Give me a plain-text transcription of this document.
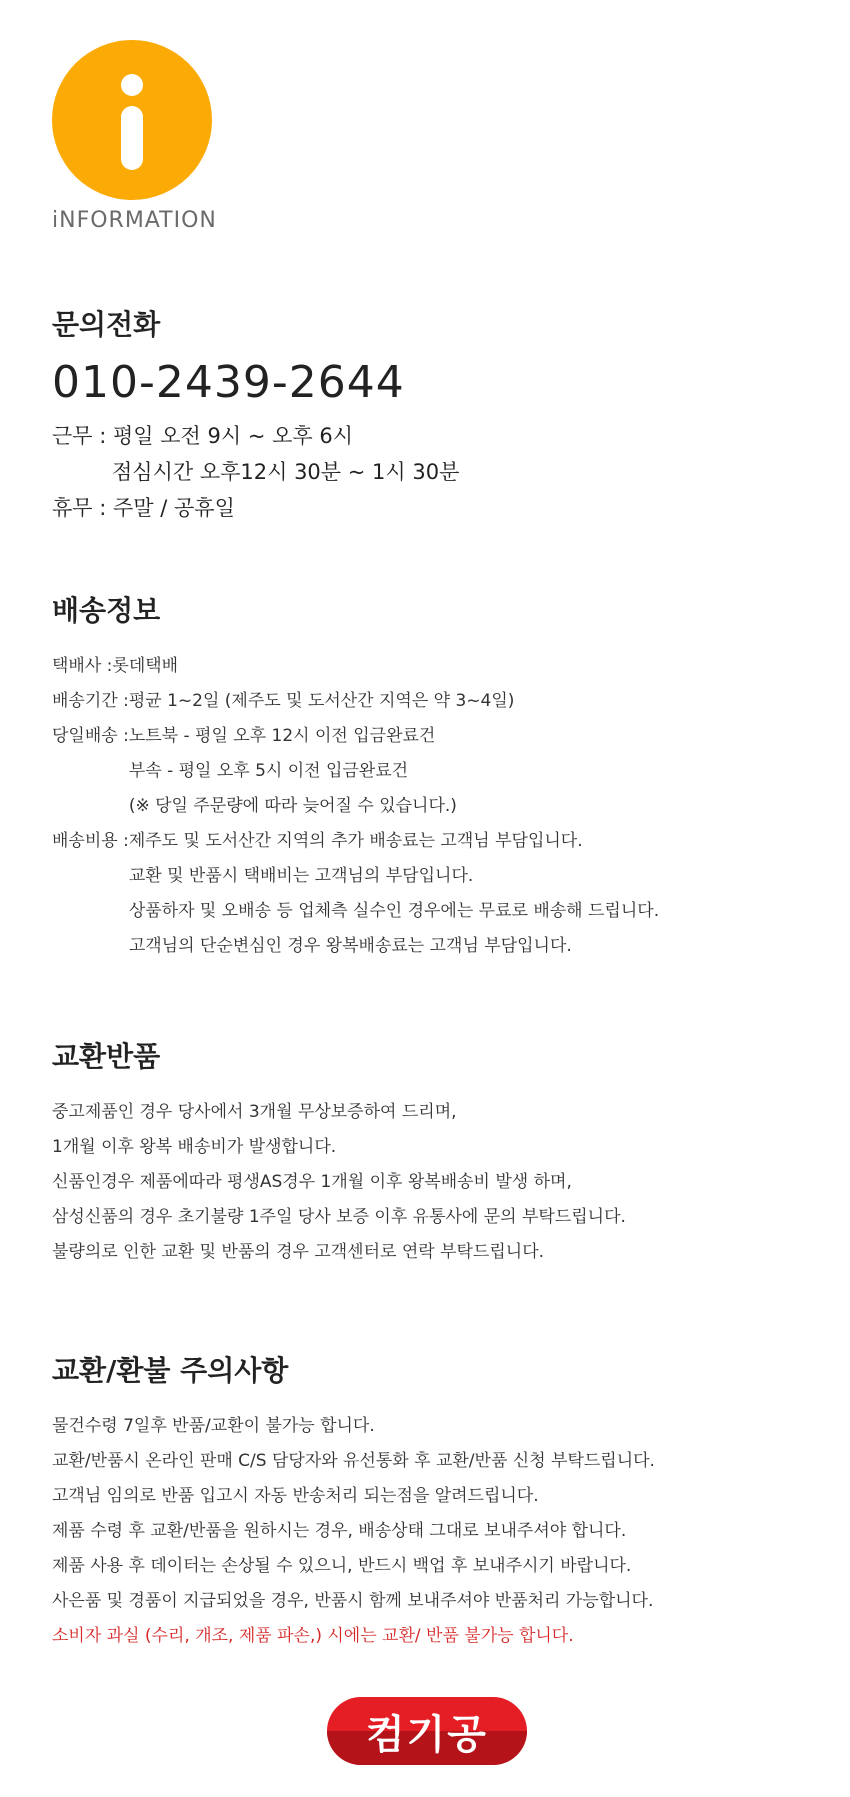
iNFORMATION
문의전화
010-2439-2644
근무 : 평일 오전 9시 ~ 오후 6시
점심시간 오후12시 30분 ~ 1시 30분
휴무 : 주말 / 공휴일
배송정보
택배사 : 롯데택배
배송기간 : 평균 1~2일 (제주도 및 도서산간 지역은 약 3~4일)
당일배송 : 노트북 - 평일 오후 12시 이전 입금완료건
부속 - 평일 오후 5시 이전 입금완료건
(※ 당일 주문량에 따라 늦어질 수 있습니다.)
배송비용 : 제주도 및 도서산간 지역의 추가 배송료는 고객님 부담입니다.
교환 및 반품시 택배비는 고객님의 부담입니다.
상품하자 및 오배송 등 업체측 실수인 경우에는 무료로 배송해 드립니다.
고객님의 단순변심인 경우 왕복배송료는 고객님 부담입니다.
교환반품
중고제품인 경우 당사에서 3개월 무상보증하여 드리며,
1개월 이후 왕복 배송비가 발생합니다.
신품인경우 제품에따라 평생AS경우 1개월 이후 왕복배송비 발생 하며,
삼성신품의 경우 초기불량 1주일 당사 보증 이후 유통사에 문의 부탁드립니다.
불량의로 인한 교환 및 반품의 경우 고객센터로 연락 부탁드립니다.
교환/환불 주의사항
물건수령 7일후 반품/교환이 불가능 합니다.
교환/반품시 온라인 판매 C/S 담당자와 유선통화 후 교환/반품 신청 부탁드립니다.
고객님 임의로 반품 입고시 자동 반송처리 되는점을 알려드립니다.
제품 수령 후 교환/반품을 원하시는 경우, 배송상태 그대로 보내주셔야 합니다.
제품 사용 후 데이터는 손상될 수 있으니, 반드시 백업 후 보내주시기 바랍니다.
사은품 및 경품이 지급되었을 경우, 반품시 함께 보내주셔야 반품처리 가능합니다.
소비자 과실 (수리, 개조, 제품 파손,) 시에는 교환/ 반품 불가능 합니다.
컴기공
